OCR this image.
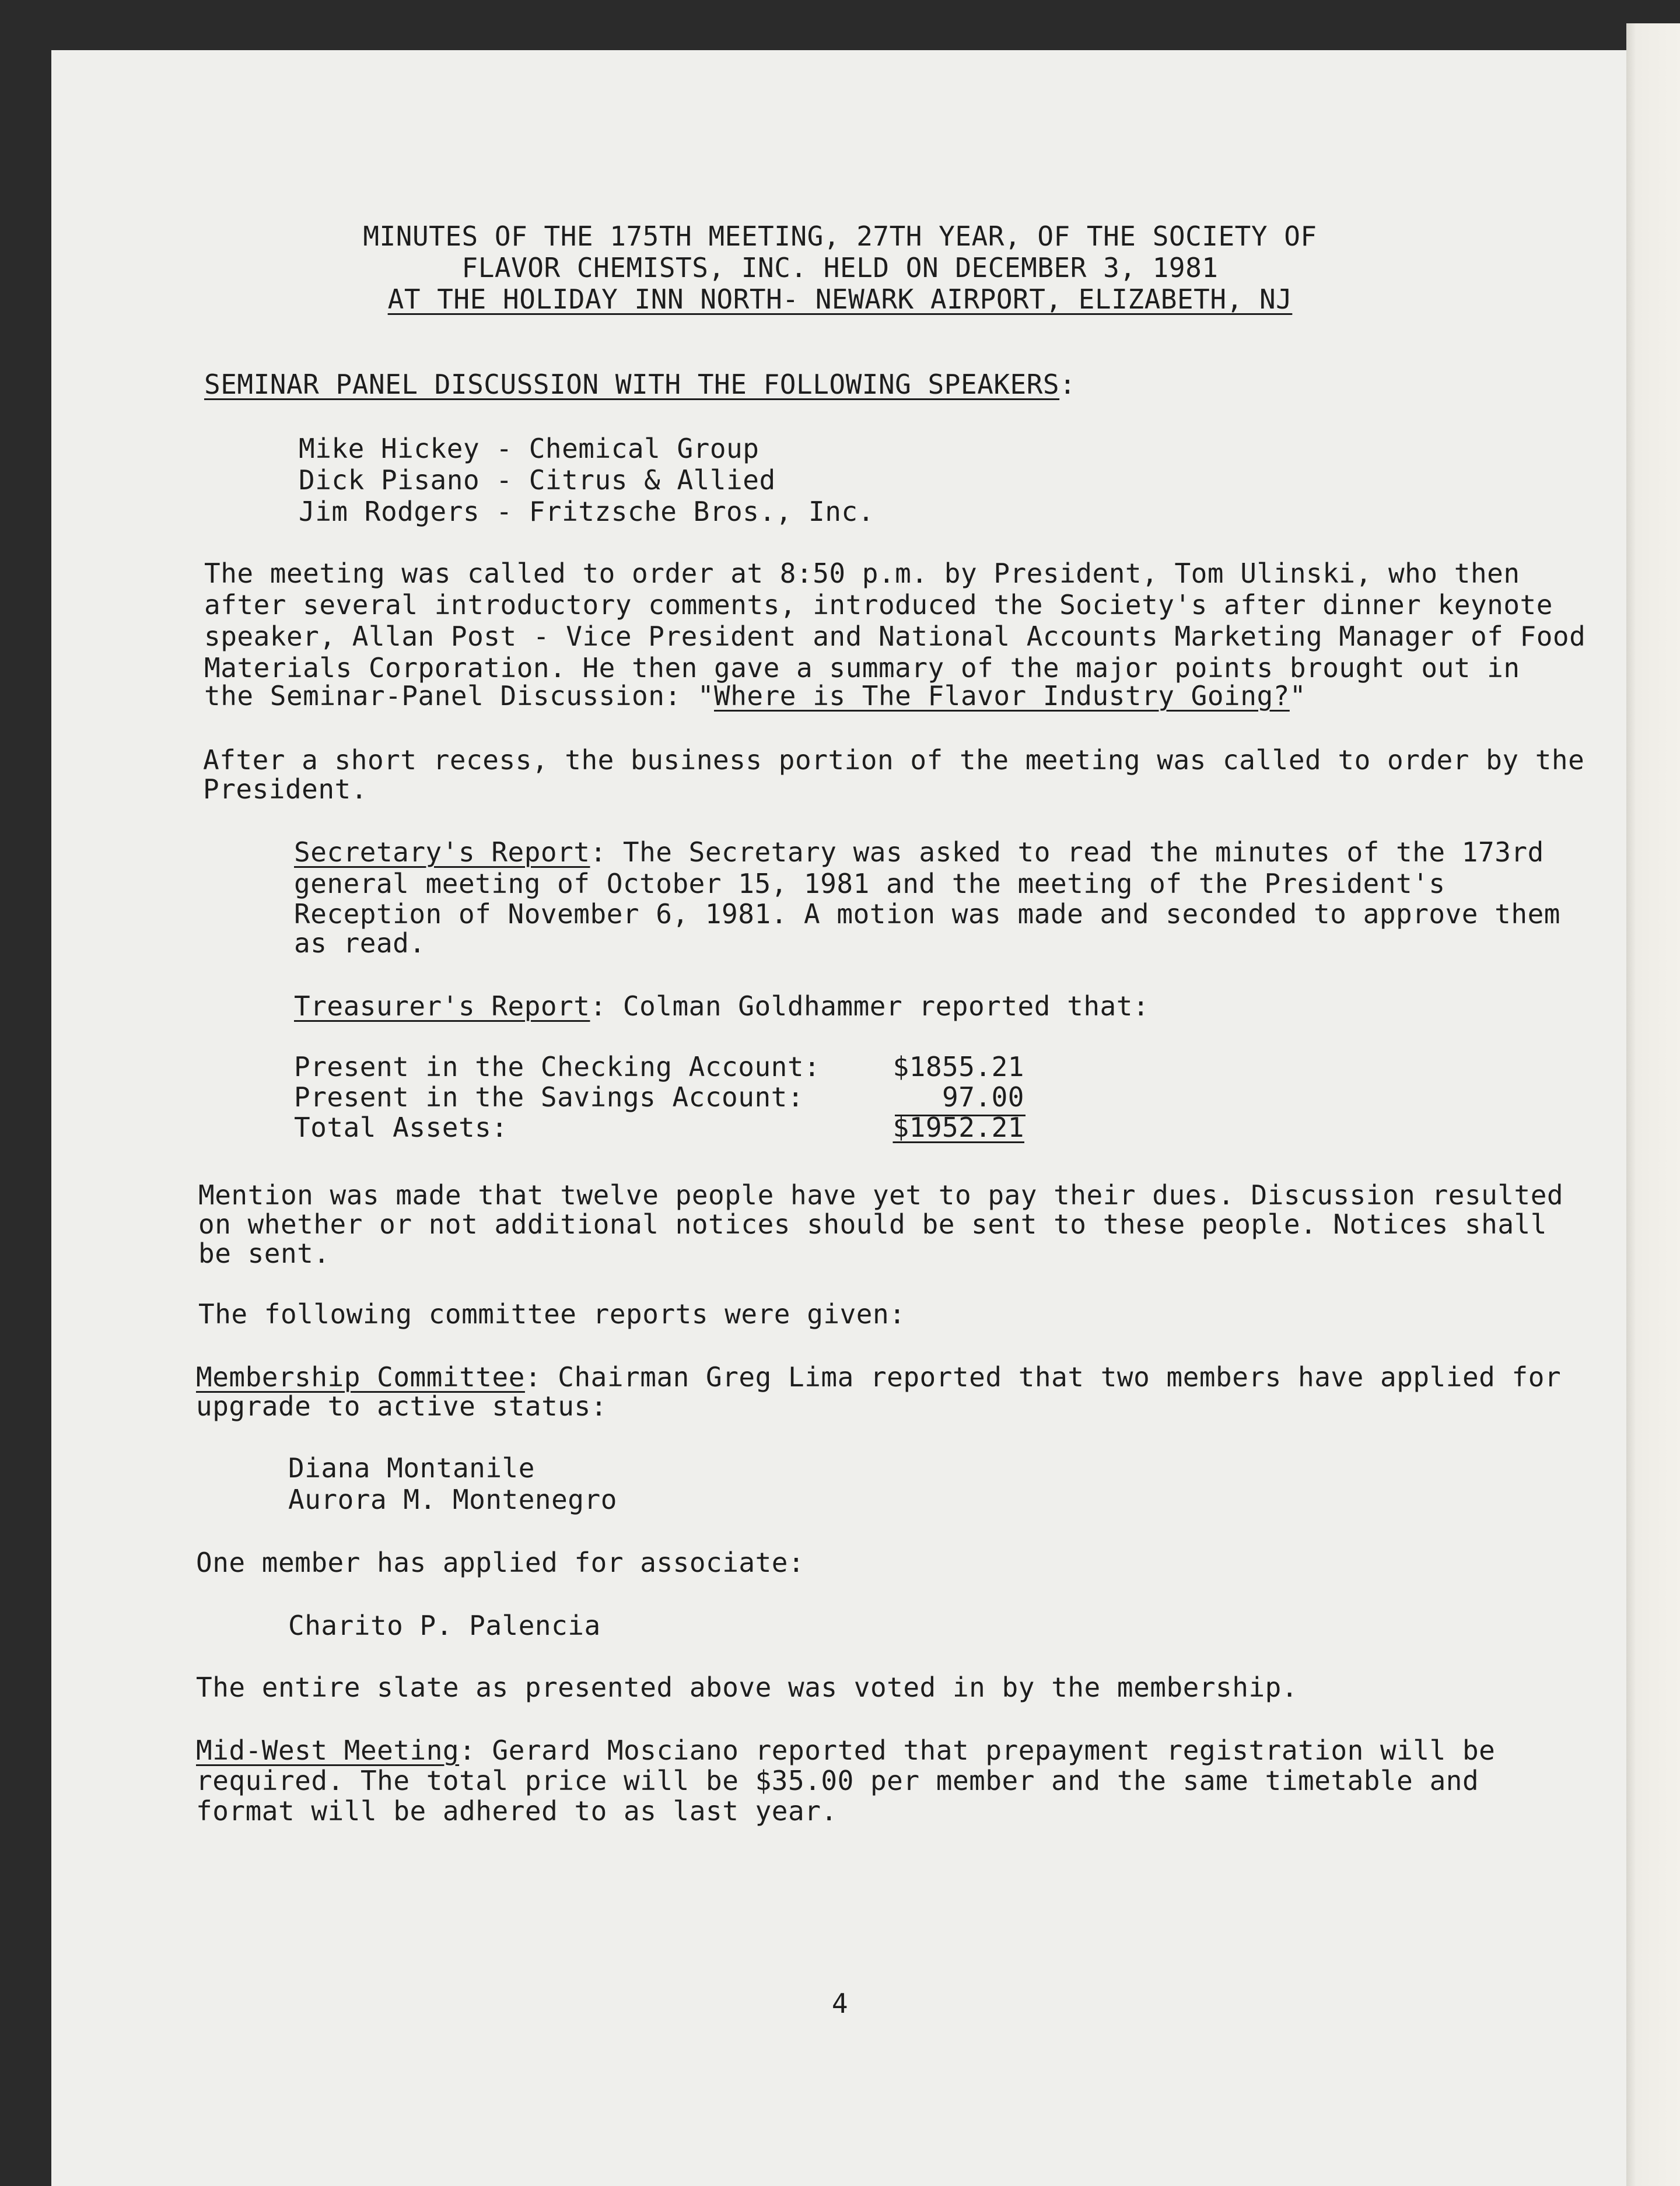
MINUTES OF THE 175TH MEETING, 27TH YEAR, OF THE SOCIETY OF

FLAVOR CHEMISTS, INC. HELD ON DECEMBER 3, 1981

AT THE HOLIDAY INN NORTH- NEWARK AIRPORT, ELIZABETH, NJ

SEMINAR PANEL DISCUSSION WITH THE FOLLOWING SPEAKERS:

Mike Hickey - Chemical Group

Dick Pisano - Citrus & Allied

Jim Rodgers - Fritzsche Bros., Inc.

The meeting was called to order at 8:50 p.m. by President, Tom Ulinski, who then

after several introductory comments, introduced the Society's after dinner keynote

speaker, Allan Post - Vice President and National Accounts Marketing Manager of Food

Materials Corporation. He then gave a summary of the major points brought out in

the Seminar-Panel Discussion: "Where is The Flavor Industry Going?"

After a short recess, the business portion of the meeting was called to order by the

President.

Secretary's Report: The Secretary was asked to read the minutes of the 173rd

general meeting of October 15, 1981 and the meeting of the President's

Reception of November 6, 1981. A motion was made and seconded to approve them

as read.

Treasurer's Report: Colman Goldhammer reported that:

Present in the Checking Account:	$1855.21

Present in the Savings Account:	97.00

Total Assets:	$1952.21

Mention was made that twelve people have yet to pay their dues. Discussion resulted

on whether or not additional notices should be sent to these people. Notices shall

be sent.

The following committee reports were given:

Membership Committee: Chairman Greg Lima reported that two members have applied for

upgrade to active status:

Diana Montanile

Aurora M. Montenegro

One member has applied for associate:

Charito P. Palencia

The entire slate as presented above was voted in by the membership.

Mid-West Meeting: Gerard Mosciano reported that prepayment registration will be

required. The total price will be $35.00 per member and the same timetable and

format will be adhered to as last year.

4
